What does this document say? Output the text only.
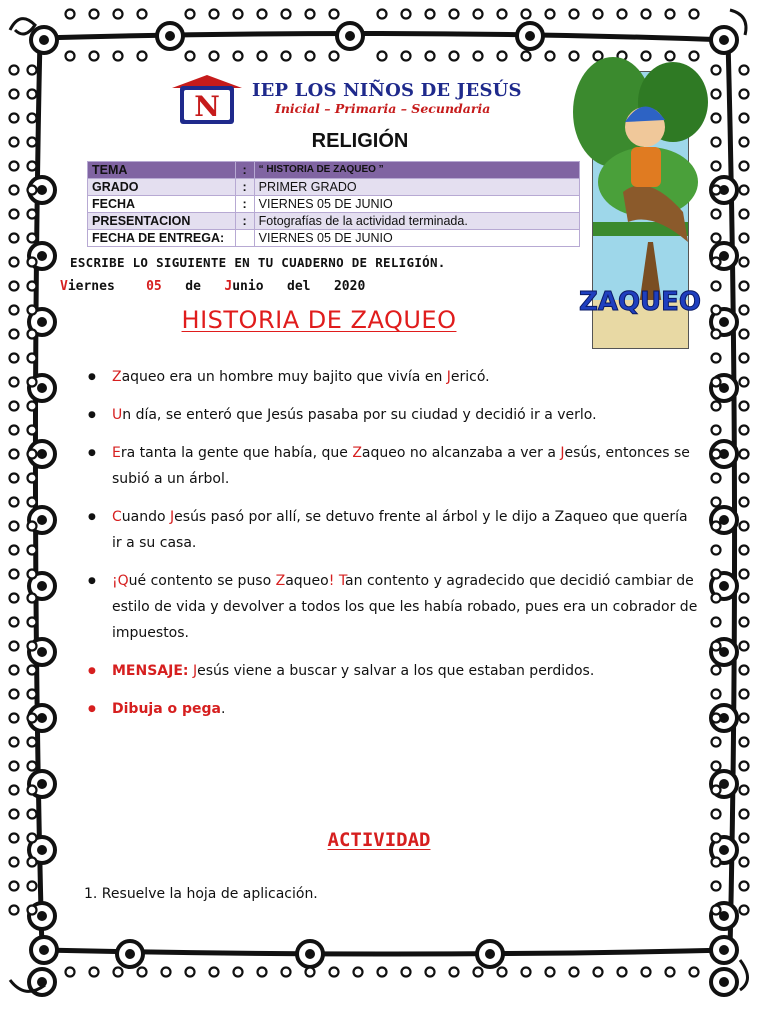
N IEP LOS NIÑOS DE JESÚS
Inicial – Primaria – Secundaria
RELIGIÓN
ZAQUEO
TEMA	:	“ HISTORIA DE ZAQUEO ”
GRADO	:	PRIMER GRADO
FECHA	:	VIERNES 05 DE JUNIO
PRESENTACION	:	Fotografías de la actividad terminada.
FECHA DE ENTREGA:		VIERNES 05 DE JUNIO
ESCRIBE LO SIGUIENTE EN TU CUADERNO DE RELIGIÓN.
Viernes 05 de Junio del 2020
HISTORIA DE ZAQUEO
● Zaqueo era un hombre muy bajito que vivía en Jericó.
● Un día, se enteró que Jesús pasaba por su ciudad y decidió ir a verlo.
● Era tanta la gente que había, que Zaqueo no alcanzaba a ver a Jesús, entonces se subió a un árbol.
● Cuando Jesús pasó por allí, se detuvo frente al árbol y le dijo a Zaqueo que quería ir a su casa.
● ¡Qué contento se puso Zaqueo! Tan contento y agradecido que decidió cambiar de estilo de vida y devolver a todos los que les había robado, pues era un cobrador de impuestos.
● MENSAJE: Jesús viene a buscar y salvar a los que estaban perdidos.
● Dibuja o pega.
ACTIVIDAD
1. Resuelve la hoja de aplicación.
